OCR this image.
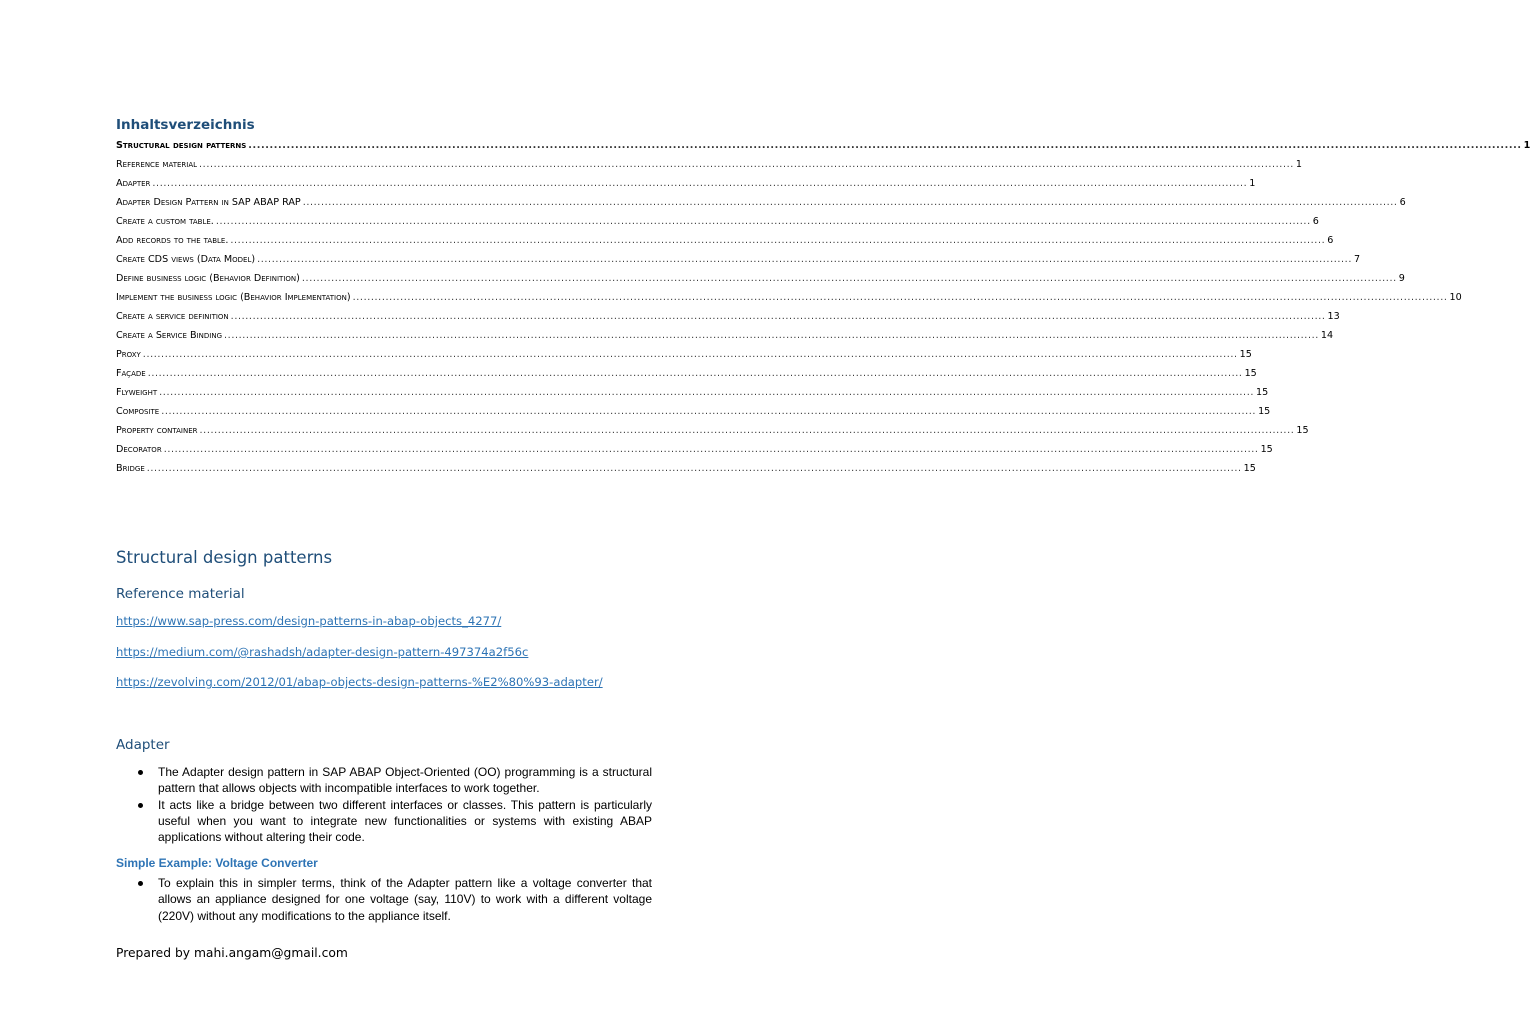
Inhaltsverzeichnis
Structural design patterns ............................................................................................................................................................................................................................................................................................................ 1
Reference material ............................................................................................................................................................................................................................................................................................................ 1
Adapter ............................................................................................................................................................................................................................................................................................................ 1
Adapter Design Pattern in SAP ABAP RAP ............................................................................................................................................................................................................................................................................................................ 6
Create a custom table. ............................................................................................................................................................................................................................................................................................................ 6
Add records to the table. ............................................................................................................................................................................................................................................................................................................ 6
Create CDS views (Data Model) ............................................................................................................................................................................................................................................................................................................ 7
Define business logic (Behavior Definition) ............................................................................................................................................................................................................................................................................................................ 9
Implement the business logic (Behavior Implementation) ............................................................................................................................................................................................................................................................................................................ 10
Create a service definition ............................................................................................................................................................................................................................................................................................................ 13
Create a Service Binding ............................................................................................................................................................................................................................................................................................................ 14
Proxy ............................................................................................................................................................................................................................................................................................................ 15
Façade ............................................................................................................................................................................................................................................................................................................ 15
Flyweight ............................................................................................................................................................................................................................................................................................................ 15
Composite ............................................................................................................................................................................................................................................................................................................ 15
Property container ............................................................................................................................................................................................................................................................................................................ 15
Decorator ............................................................................................................................................................................................................................................................................................................ 15
Bridge ............................................................................................................................................................................................................................................................................................................ 15
Structural design patterns
Reference material
https://www.sap-press.com/design-patterns-in-abap-objects_4277/
https://medium.com/@rashadsh/adapter-design-pattern-497374a2f56c
https://zevolving.com/2012/01/abap-objects-design-patterns-%E2%80%93-adapter/
Adapter
The Adapter design pattern in SAP ABAP Object-Oriented (OO) programming is a structural pattern that allows objects with incompatible interfaces to work together.
It acts like a bridge between two different interfaces or classes. This pattern is particularly useful when you want to integrate new functionalities or systems with existing ABAP applications without altering their code.
Simple Example: Voltage Converter
To explain this in simpler terms, think of the Adapter pattern like a voltage converter that allows an appliance designed for one voltage (say, 110V) to work with a different voltage (220V) without any modifications to the appliance itself.
Prepared by mahi.angam@gmail.com
